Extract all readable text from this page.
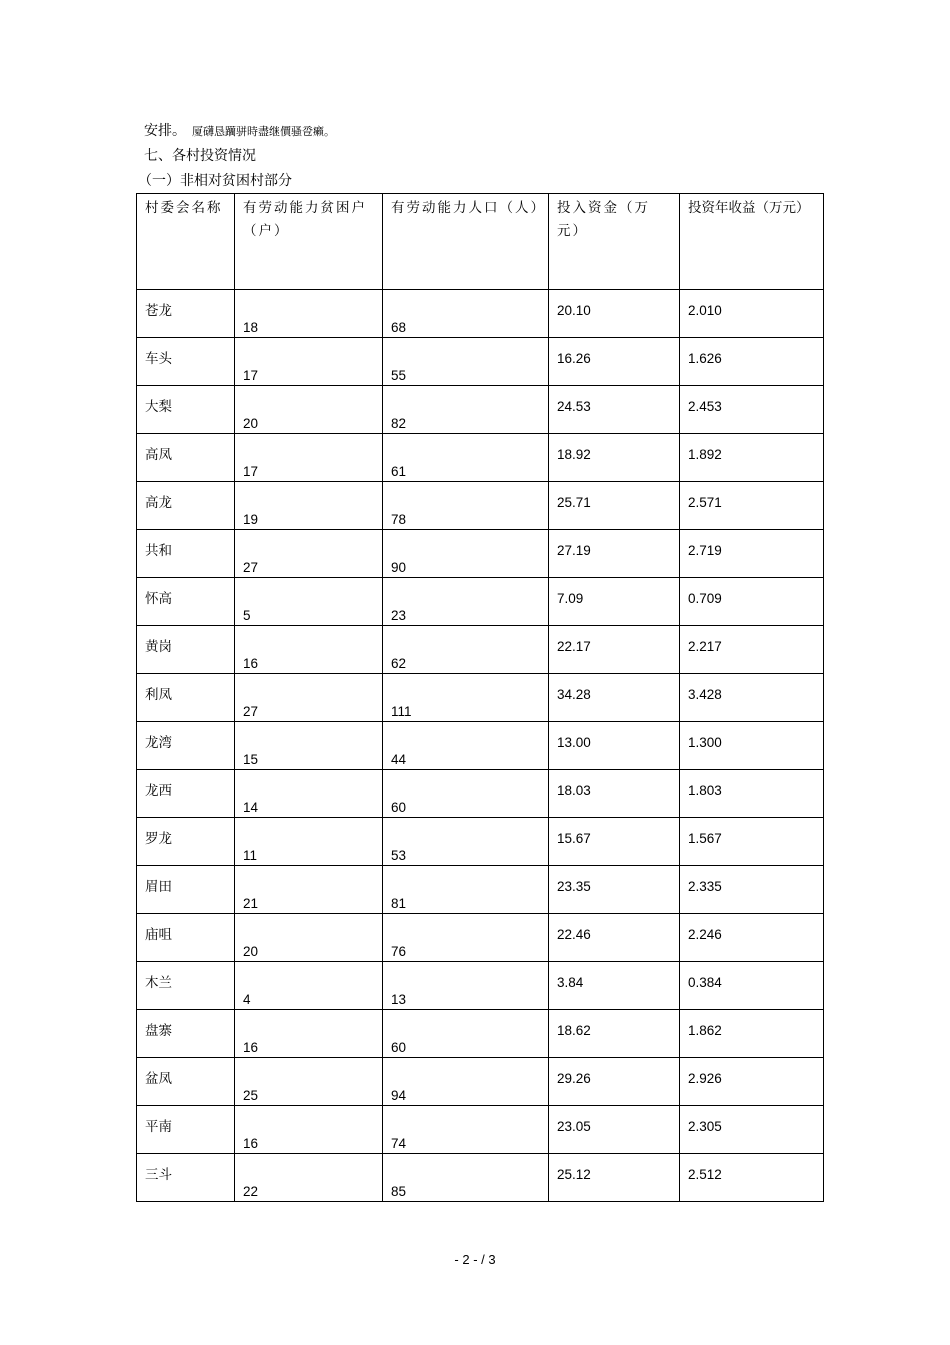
安排。 厦礴恳躪骈時盡继價骚卺癩。
七、各村投资情况
（一）非相对贫困村部分
村委会名称	有劳动能力贫困户（户）	有劳动能力人口（人）	投入资金（万元）	投资年收益（万元）

苍龙	18	68	20.10	2.010

车头	17	55	16.26	1.626

大梨	20	82	24.53	2.453

高凤	17	61	18.92	1.892

高龙	19	78	25.71	2.571

共和	27	90	27.19	2.719

怀高	5	23	7.09	0.709

黄岗	16	62	22.17	2.217

利凤	27	111	34.28	3.428

龙湾	15	44	13.00	1.300

龙西	14	60	18.03	1.803

罗龙	11	53	15.67	1.567

眉田	21	81	23.35	2.335

庙咀	20	76	22.46	2.246

木兰	4	13	3.84	0.384

盘寨	16	60	18.62	1.862

盆凤	25	94	29.26	2.926

平南	16	74	23.05	2.305

三斗	22	85	25.12	2.512
- 2 - / 3
